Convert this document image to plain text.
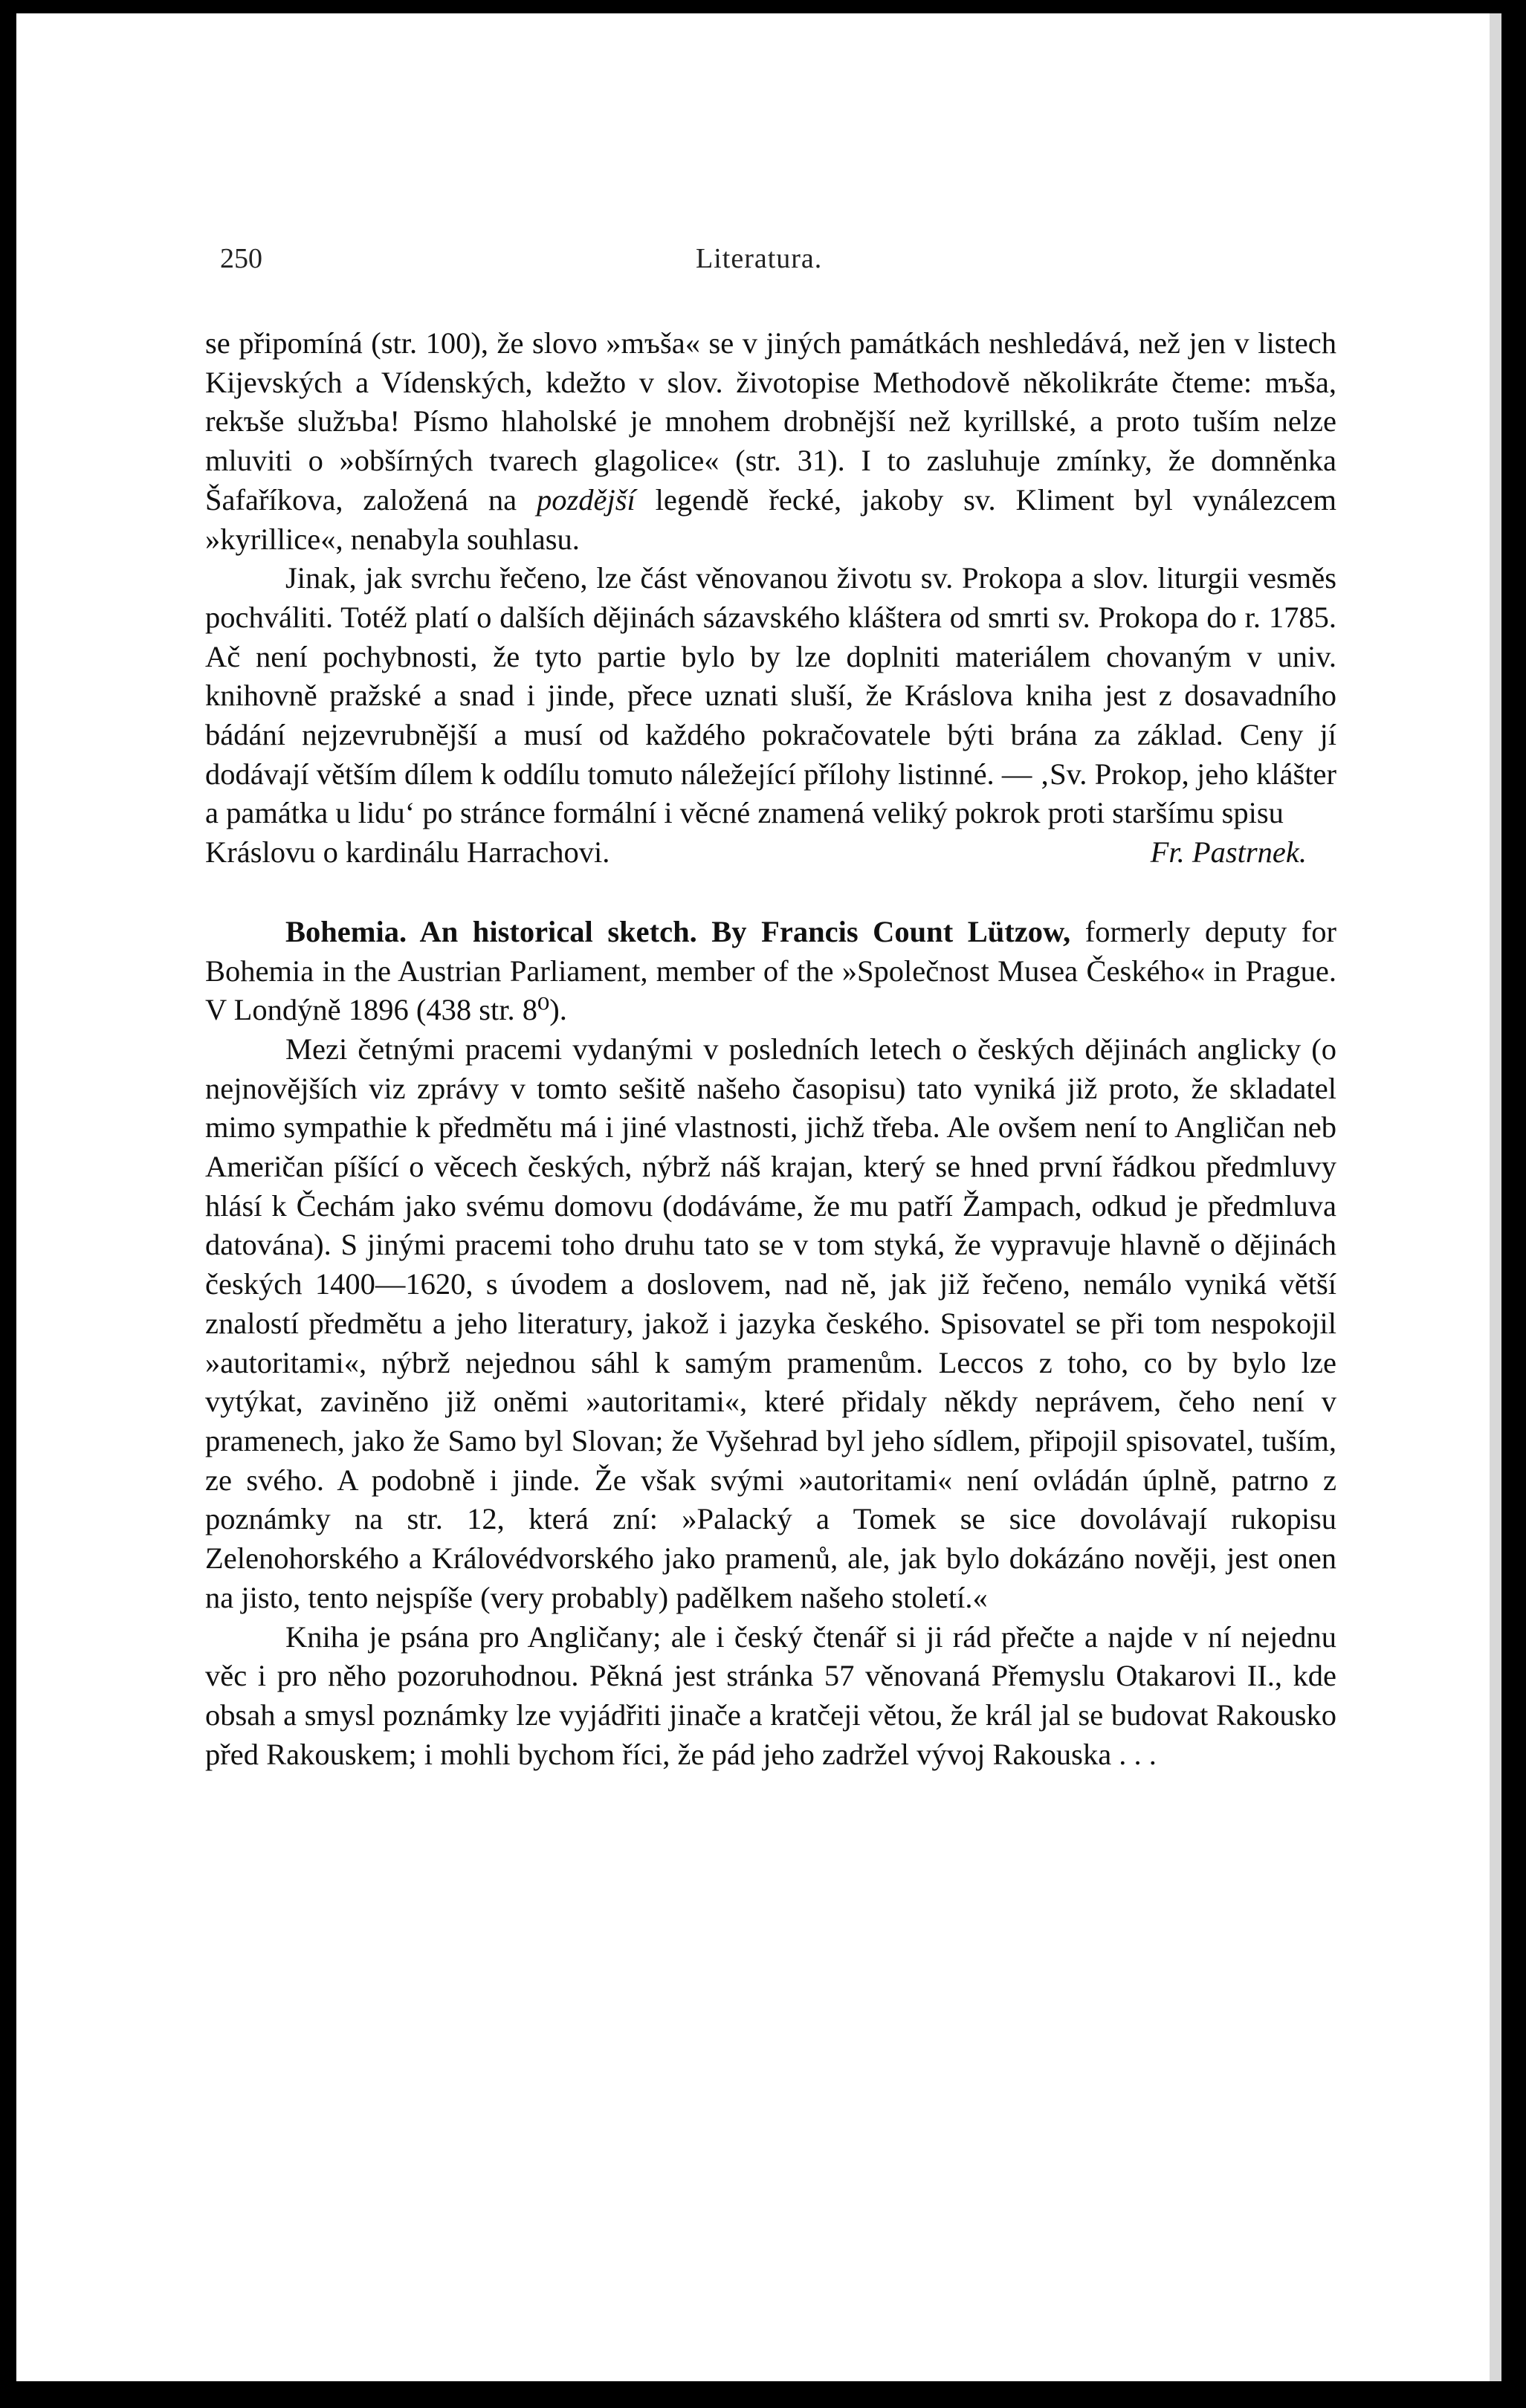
250	Literatura.

se připomíná (str. 100), že slovo »mъša« se v jiných památkách neshledává, než jen v listech Kijevských a Vídenských, kdežto v slov. životopise Methodově několikráte čteme: mъša, rekъše služъba! Písmo hlaholské je mnohem drobnější než kyrillské, a proto tuším nelze mluviti o »obšírných tvarech glagolice« (str. 31). I to zasluhuje zmínky, že domněnka Šafaříkova, založená na pozdější legendě řecké, jakoby sv. Kliment byl vynálezcem »kyrillice«, nenabyla souhlasu.

Jinak, jak svrchu řečeno, lze část věnovanou životu sv. Prokopa a slov. liturgii vesměs pochváliti. Totéž platí o dalších dějinách sázavského kláštera od smrti sv. Prokopa do r. 1785. Ač není pochybnosti, že tyto partie bylo by lze doplniti materiálem chovaným v univ. knihovně pražské a snad i jinde, přece uznati sluší, že Kráslova kniha jest z dosavadního bádání nejzevrubnější a musí od každého pokračovatele býti brána za základ. Ceny jí dodávají větším dílem k oddílu tomuto náležející přílohy listinné. — ‚Sv. Prokop, jeho klášter a památka u lidu‘ po stránce formální i věcné znamená veliký pokrok proti staršímu spisu

Kráslovu o kardinálu Harrachovi.	Fr. Pastrnek.

Bohemia. An historical sketch. By Francis Count Lützow, formerly deputy for Bohemia in the Austrian Parliament, member of the »Společnost Musea Českého« in Prague. V Londýně 1896 (438 str. 8⁰).

Mezi četnými pracemi vydanými v posledních letech o českých dějinách anglicky (o nejnovějších viz zprávy v tomto sešitě našeho časopisu) tato vyniká již proto, že skladatel mimo sympathie k předmětu má i jiné vlastnosti, jichž třeba. Ale ovšem není to Angličan neb Američan píšící o věcech českých, nýbrž náš krajan, který se hned první řádkou předmluvy hlásí k Čechám jako svému domovu (dodáváme, že mu patří Žampach, odkud je předmluva datována). S jinými pracemi toho druhu tato se v tom styká, že vypravuje hlavně o dějinách českých 1400—1620, s úvodem a doslovem, nad ně, jak již řečeno, nemálo vyniká větší znalostí předmětu a jeho literatury, jakož i jazyka českého. Spisovatel se při tom nespokojil »autoritami«, nýbrž nejednou sáhl k samým pramenům. Leccos z toho, co by bylo lze vytýkat, zaviněno již oněmi »autoritami«, které přidaly někdy neprávem, čeho není v pramenech, jako že Samo byl Slovan; že Vyšehrad byl jeho sídlem, připojil spisovatel, tuším, ze svého. A podobně i jinde. Že však svými »autoritami« není ovládán úplně, patrno z poznámky na str. 12, která zní: »Palacký a Tomek se sice dovolávají rukopisu Zelenohorského a Královédvorského jako pramenů, ale, jak bylo dokázáno nověji, jest onen na jisto, tento nejspíše (very probably) padělkem našeho století.«

Kniha je psána pro Angličany; ale i český čtenář si ji rád přečte a najde v ní nejednu věc i pro něho pozoruhodnou. Pěkná jest stránka 57 věnovaná Přemyslu Otakarovi II., kde obsah a smysl poznámky lze vyjádřiti jinače a kratčeji větou, že král jal se budovat Rakousko před Rakouskem; i mohli bychom říci, že pád jeho zadržel vývoj Rakouska . . .
